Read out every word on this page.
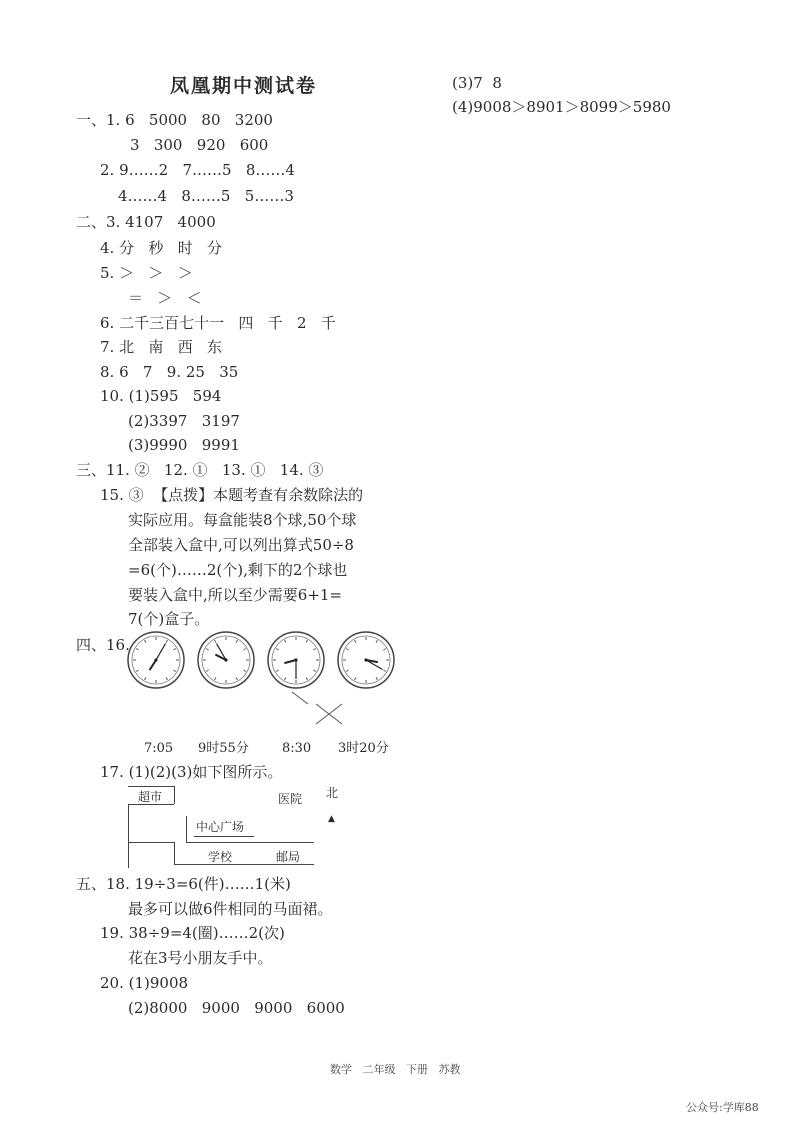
凤凰期中测试卷	(3)7  8
(4)9008＞8901＞8099＞5980
一、1. 6   5000   80   3200
3   300   920   600
2. 9……2   7……5   8……4
4……4   8……5   5……3
二、3. 4107   4000
4. 分   秒   时   分
5. ＞   ＞   ＞
＝   ＞   ＜
6. 二千三百七十一   四   千   2   千
7. 北   南   西   东
8. 6   7   9. 25   35
10. (1)595   594
(2)3397   3197
(3)9990   9991
三、11. ②   12. ①   13. ①   14. ③
15. ③  【点拨】本题考查有余数除法的
实际应用。每盒能装8个球,50个球
全部装入盒中,可以列出算式50÷8
=6(个)……2(个),剩下的2个球也
要装入盒中,所以至少需要6+1=
7(个)盒子。
四、16.
7:05 9时55分	8:30 3时20分
17. (1)(2)(3)如下图所示。
超市	医院 北
▲
中心广场
学校	邮局
五、18. 19÷3=6(件)……1(米)
最多可以做6件相同的马面裙。
19. 38÷9=4(圈)……2(次)
花在3号小朋友手中。
20. (1)9008
(2)8000   9000   9000   6000
数学   二年级   下册   苏教
公众号:学库88
